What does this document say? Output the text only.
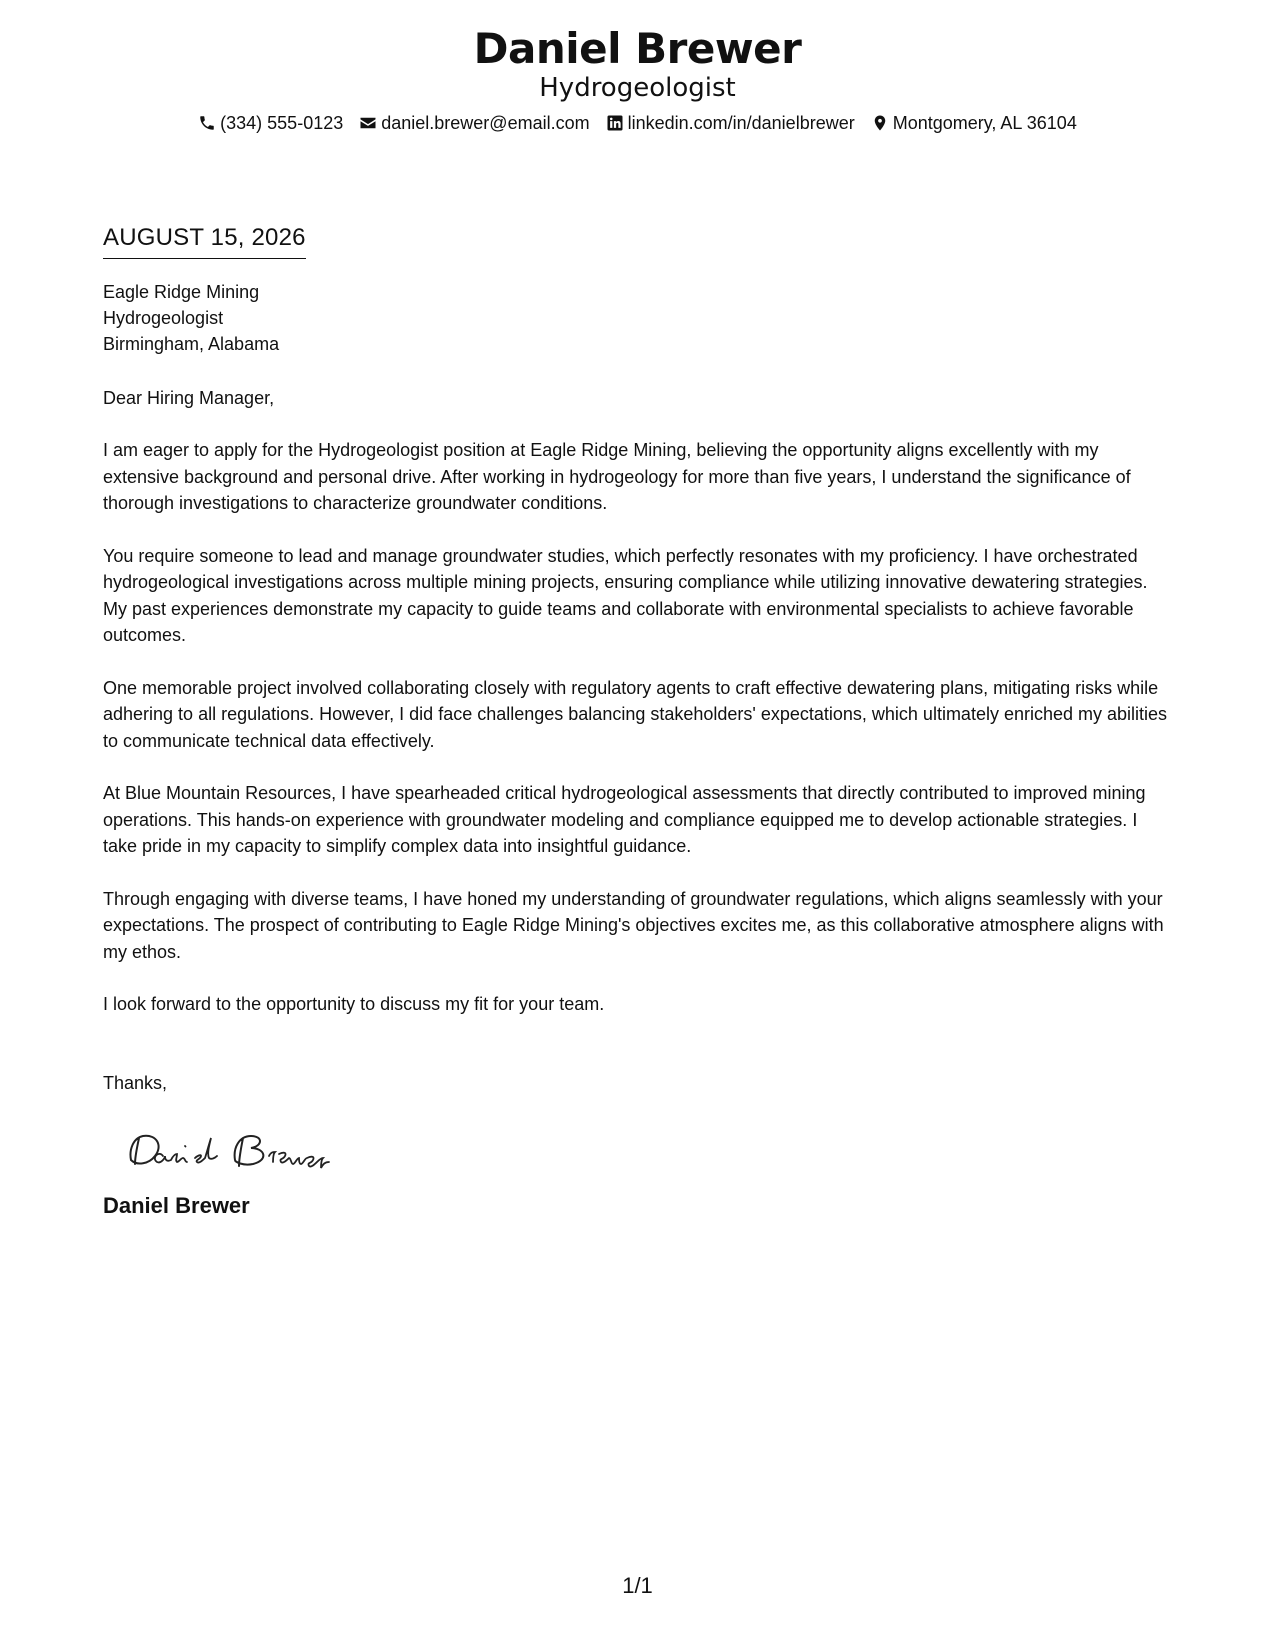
Daniel Brewer
Hydrogeologist
(334) 555-0123 daniel.brewer@email.com linkedin.com/in/danielbrewer Montgomery, AL 36104
AUGUST 15, 2026
Eagle Ridge Mining
Hydrogeologist
Birmingham, Alabama
Dear Hiring Manager,
I am eager to apply for the Hydrogeologist position at Eagle Ridge Mining, believing the opportunity aligns excellently with my extensive background and personal drive. After working in hydrogeology for more than five years, I understand the significance of thorough investigations to characterize groundwater conditions.
You require someone to lead and manage groundwater studies, which perfectly resonates with my proficiency. I have orchestrated hydrogeological investigations across multiple mining projects, ensuring compliance while utilizing innovative dewatering strategies. My past experiences demonstrate my capacity to guide teams and collaborate with environmental specialists to achieve favorable outcomes.
One memorable project involved collaborating closely with regulatory agents to craft effective dewatering plans, mitigating risks while adhering to all regulations. However, I did face challenges balancing stakeholders' expectations, which ultimately enriched my abilities to communicate technical data effectively.
At Blue Mountain Resources, I have spearheaded critical hydrogeological assessments that directly contributed to improved mining operations. This hands-on experience with groundwater modeling and compliance equipped me to develop actionable strategies. I take pride in my capacity to simplify complex data into insightful guidance.
Through engaging with diverse teams, I have honed my understanding of groundwater regulations, which aligns seamlessly with your expectations. The prospect of contributing to Eagle Ridge Mining's objectives excites me, as this collaborative atmosphere aligns with my ethos.
I look forward to the opportunity to discuss my fit for your team.
Thanks,
Daniel Brewer
1/1
